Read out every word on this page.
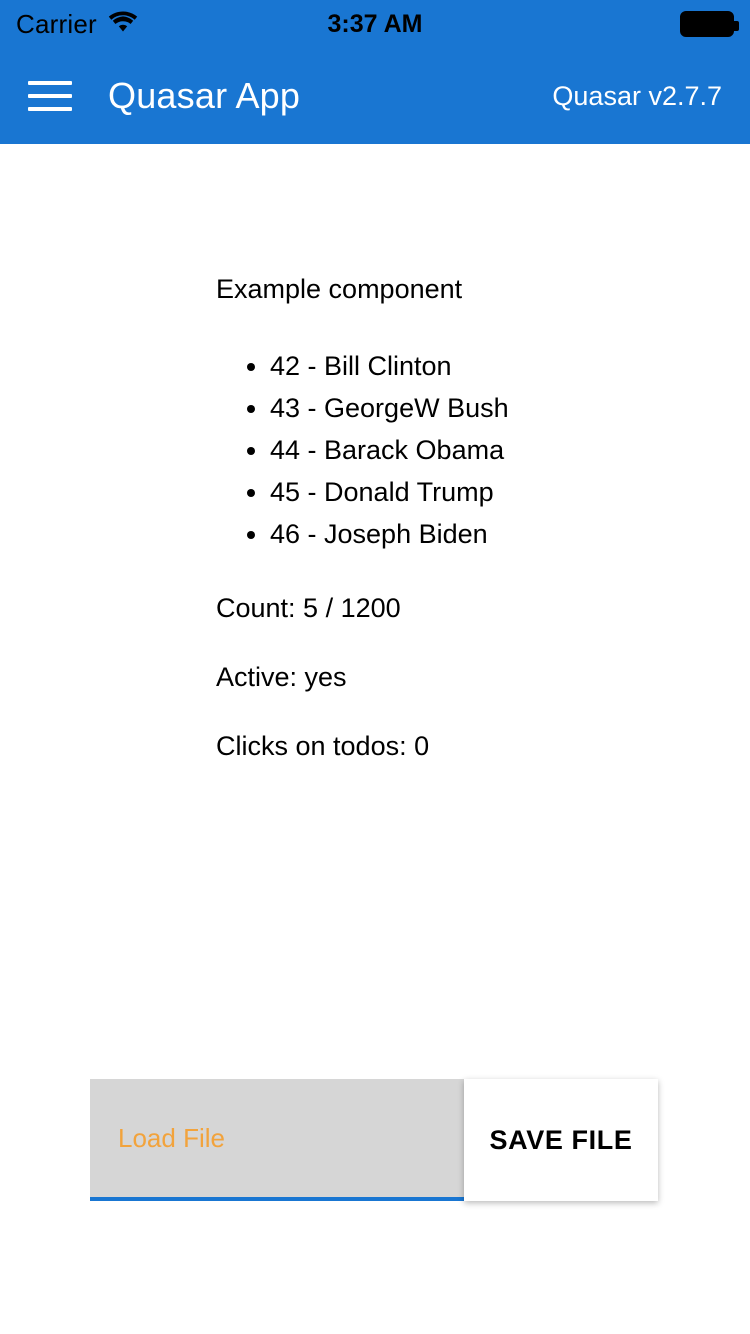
Carrier	3:37 AM
Quasar App	Quasar v2.7.7
Example component
• 42 - Bill Clinton
• 43 - GeorgeW Bush
• 44 - Barack Obama
• 45 - Donald Trump
• 46 - Joseph Biden
Count: 5 / 1200
Active: yes
Clicks on todos: 0
Load File	SAVE FILE
